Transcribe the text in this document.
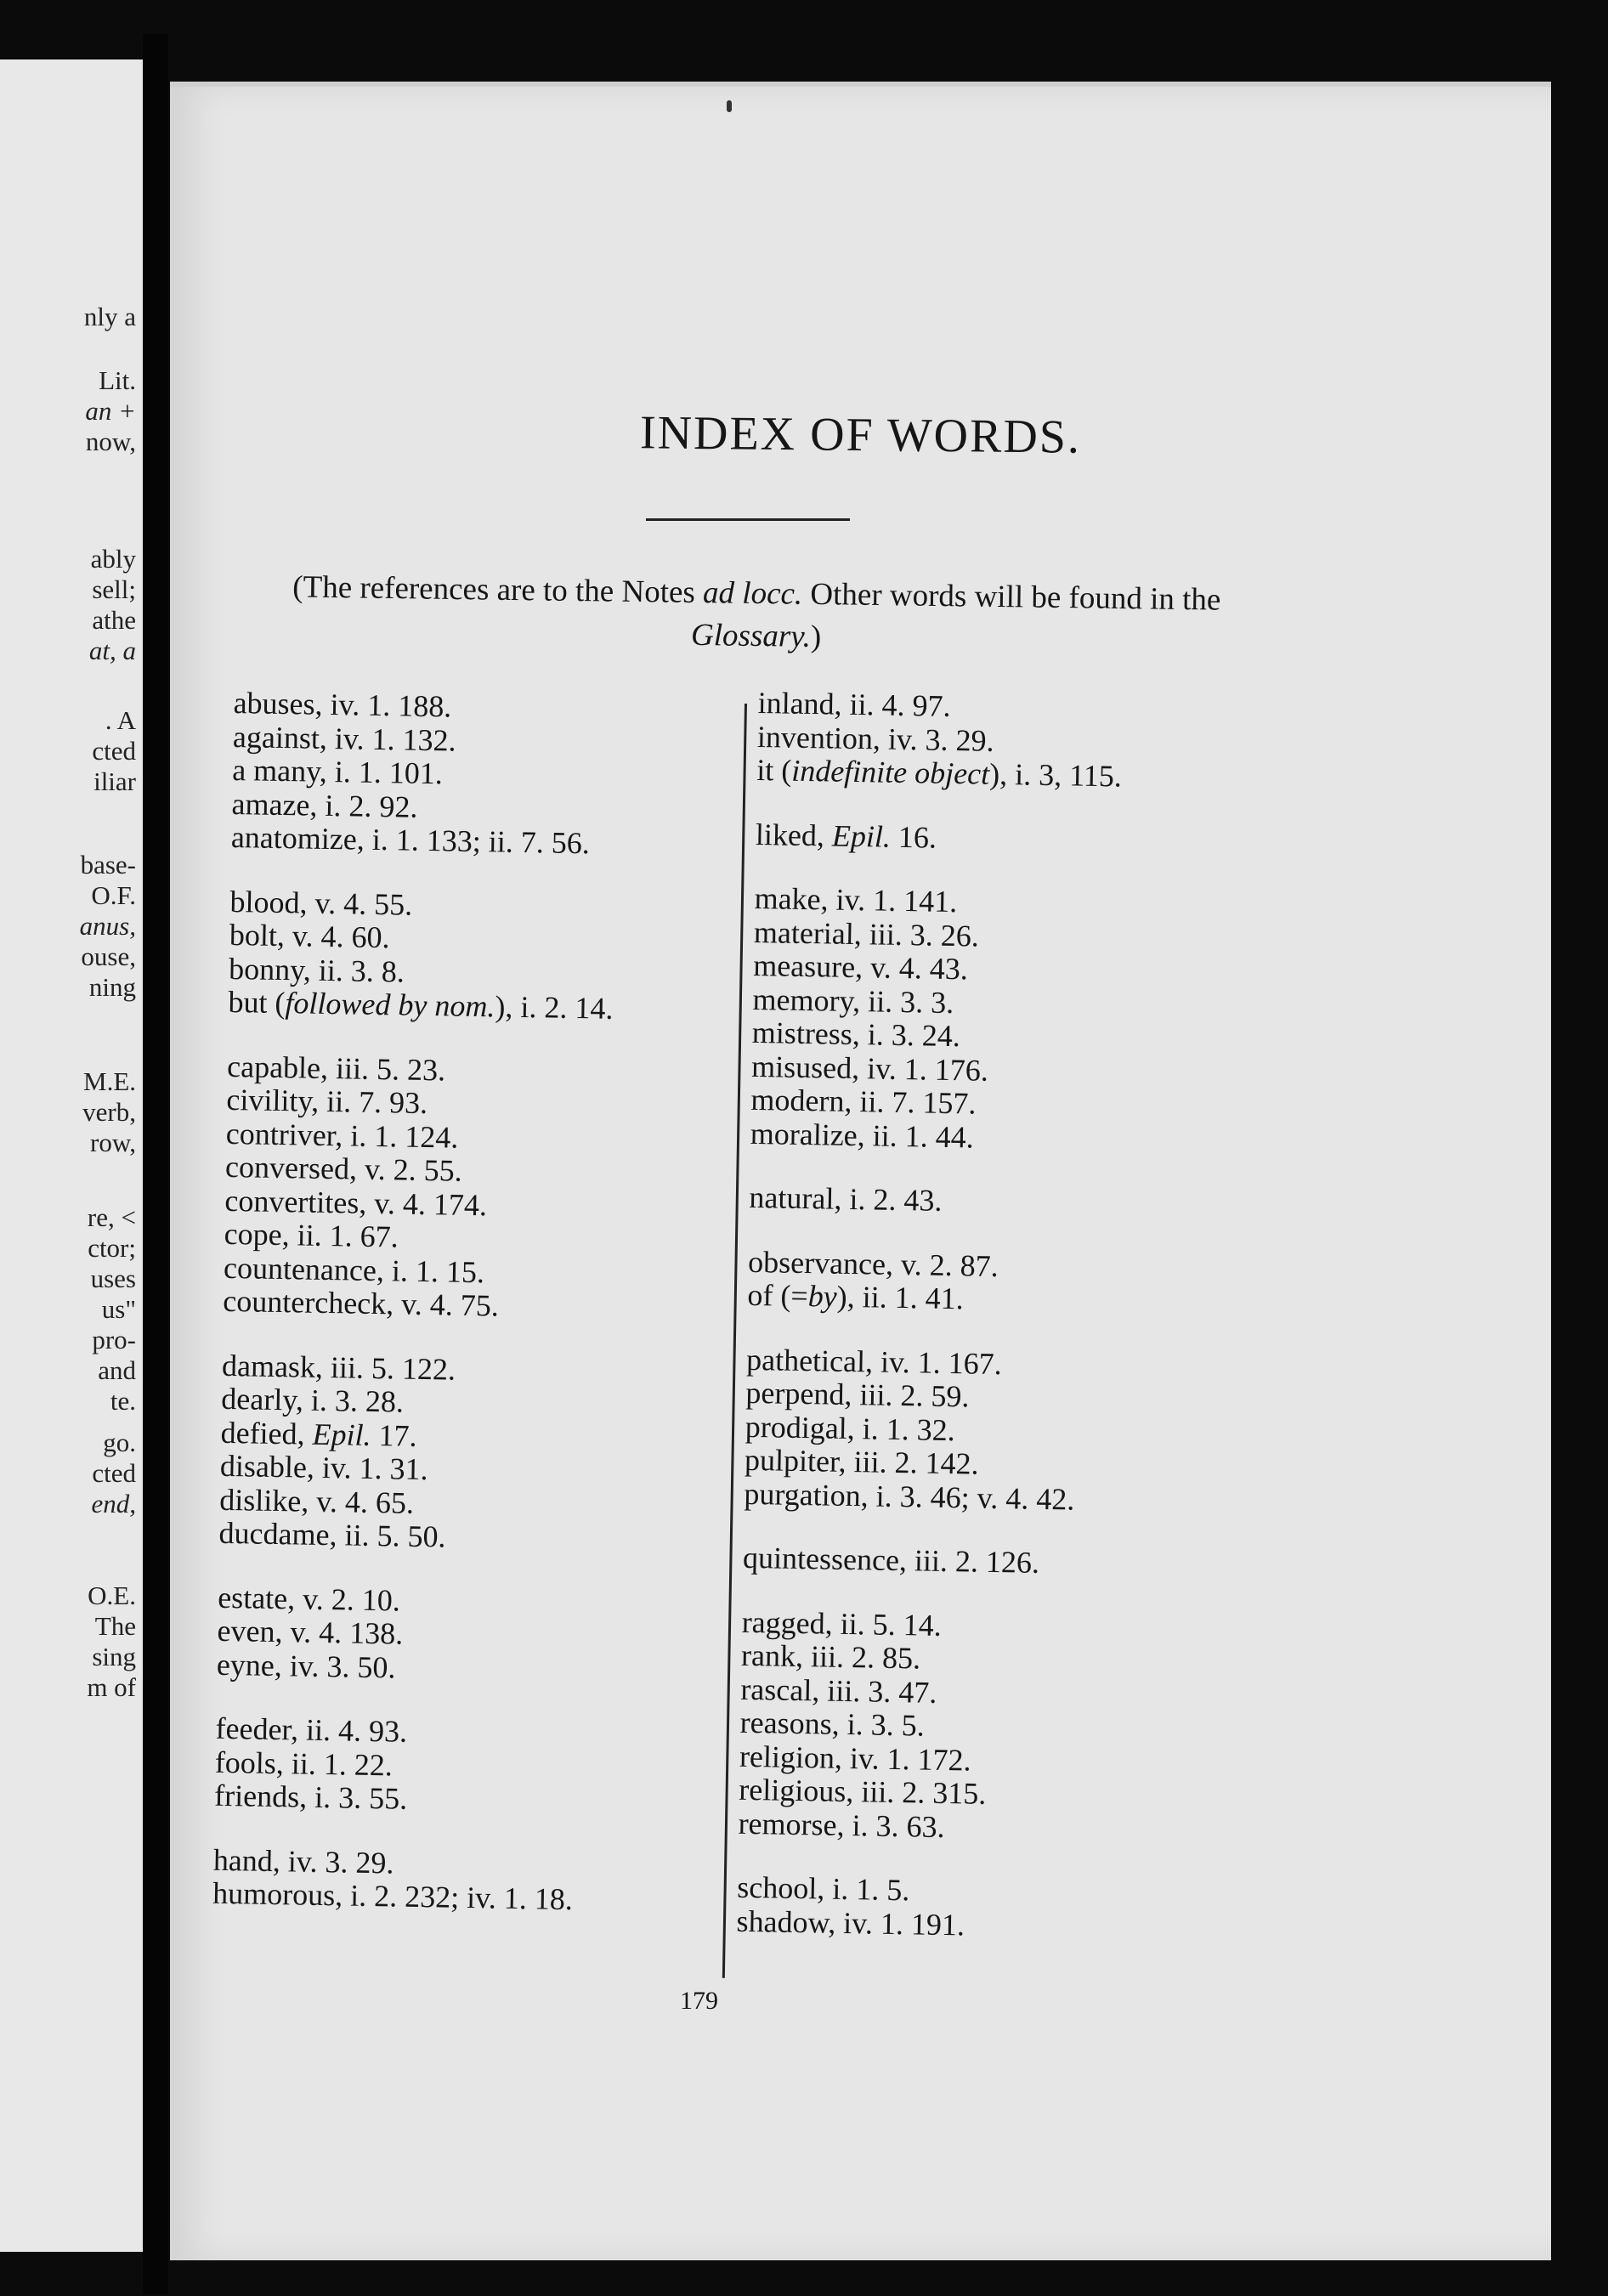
nly a
Lit.
an +
now,
ably
sell;
athe
at, a
. A
cted
iliar
base-
O.F.
anus,
ouse,
ning
M.E.
verb,
row,
re, <
ctor;
uses
us"
pro-
and
te.
go.
cted
end,
O.E.
The
sing
m of
INDEX OF WORDS.
(The references are to the Notes ad locc. Other words will be found in the Glossary.)
abuses, iv. 1. 188.
against, iv. 1. 132.
a many, i. 1. 101.
amaze, i. 2. 92.
anatomize, i. 1. 133; ii. 7. 56.
blood, v. 4. 55.
bolt, v. 4. 60.
bonny, ii. 3. 8.
but (followed by nom.), i. 2. 14.
capable, iii. 5. 23.
civility, ii. 7. 93.
contriver, i. 1. 124.
conversed, v. 2. 55.
convertites, v. 4. 174.
cope, ii. 1. 67.
countenance, i. 1. 15.
countercheck, v. 4. 75.
damask, iii. 5. 122.
dearly, i. 3. 28.
defied, Epil. 17.
disable, iv. 1. 31.
dislike, v. 4. 65.
ducdame, ii. 5. 50.
estate, v. 2. 10.
even, v. 4. 138.
eyne, iv. 3. 50.
feeder, ii. 4. 93.
fools, ii. 1. 22.
friends, i. 3. 55.
hand, iv. 3. 29.
humorous, i. 2. 232; iv. 1. 18.
inland, ii. 4. 97.
invention, iv. 3. 29.
it (indefinite object), i. 3, 115.
liked, Epil. 16.
make, iv. 1. 141.
material, iii. 3. 26.
measure, v. 4. 43.
memory, ii. 3. 3.
mistress, i. 3. 24.
misused, iv. 1. 176.
modern, ii. 7. 157.
moralize, ii. 1. 44.
natural, i. 2. 43.
observance, v. 2. 87.
of (=by), ii. 1. 41.
pathetical, iv. 1. 167.
perpend, iii. 2. 59.
prodigal, i. 1. 32.
pulpiter, iii. 2. 142.
purgation, i. 3. 46; v. 4. 42.
quintessence, iii. 2. 126.
ragged, ii. 5. 14.
rank, iii. 2. 85.
rascal, iii. 3. 47.
reasons, i. 3. 5.
religion, iv. 1. 172.
religious, iii. 2. 315.
remorse, i. 3. 63.
school, i. 1. 5.
shadow, iv. 1. 191.
179
